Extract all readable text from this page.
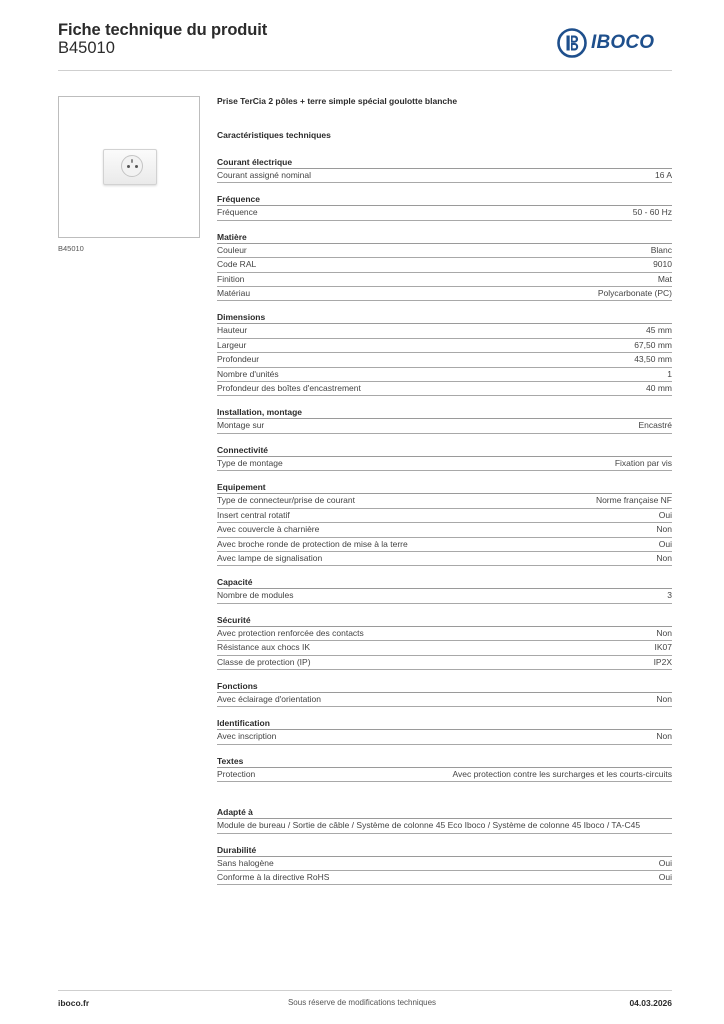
Fiche technique du produit
B45010	IBOCO
B45010
Prise TerCia 2 pôles + terre simple spécial goulotte blanche
Caractéristiques techniques
Courant électrique
Courant assigné nominal	16 A
Fréquence
Fréquence	50 - 60 Hz
Matière
Couleur	Blanc
Code RAL	9010
Finition	Mat
Matériau	Polycarbonate (PC)
Dimensions
Hauteur	45 mm
Largeur	67,50 mm
Profondeur	43,50 mm
Nombre d'unités	1
Profondeur des boîtes d'encastrement	40 mm
Installation, montage
Montage sur	Encastré
Connectivité
Type de montage	Fixation par vis
Equipement
Type de connecteur/prise de courant	Norme française NF
Insert central rotatif	Oui
Avec couvercle à charnière	Non
Avec broche ronde de protection de mise à la terre	Oui
Avec lampe de signalisation	Non
Capacité
Nombre de modules	3
Sécurité
Avec protection renforcée des contacts	Non
Résistance aux chocs IK	IK07
Classe de protection (IP)	IP2X
Fonctions
Avec éclairage d'orientation	Non
Identification
Avec inscription	Non
Textes
Protection	Avec protection contre les surcharges et les courts-circuits
Adapté à
Module de bureau / Sortie de câble / Système de colonne 45 Eco Iboco / Système de colonne 45 Iboco / TA-C45
Durabilité
Sans halogène	Oui
Conforme à la directive RoHS	Oui
iboco.fr	Sous réserve de modifications techniques	04.03.2026
